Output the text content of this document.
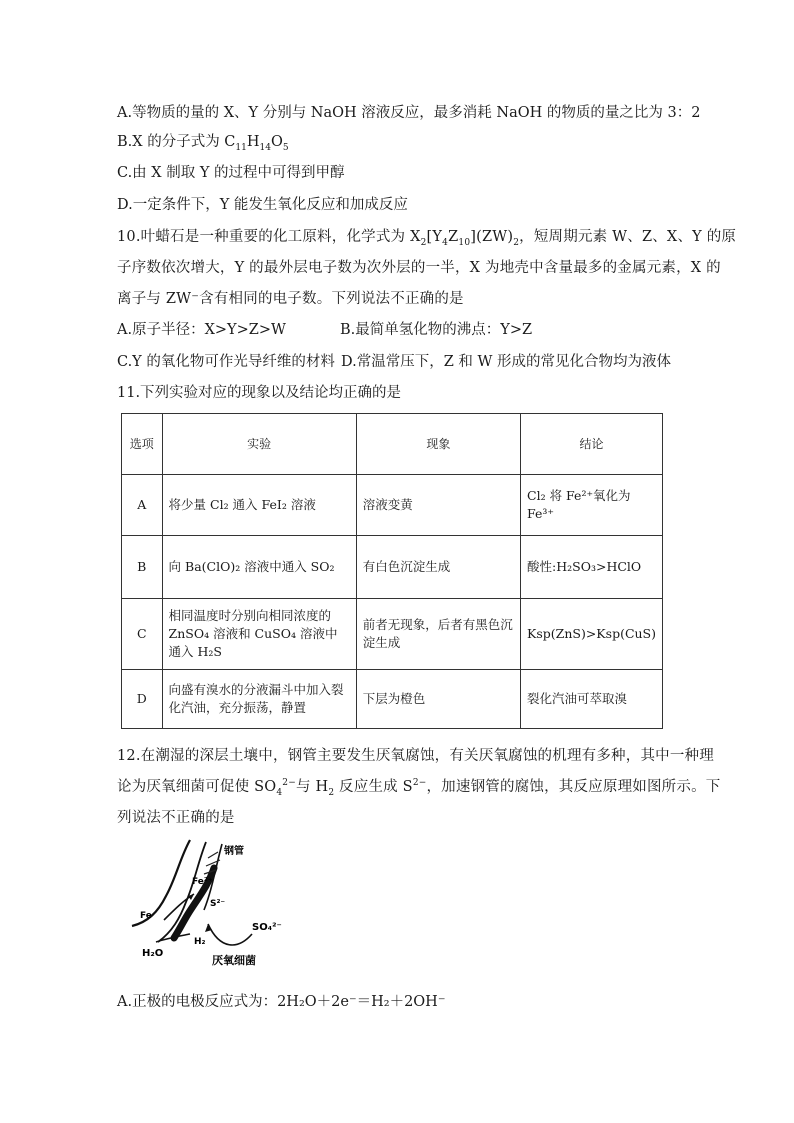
A.等物质的量的 X、Y 分别与 NaOH 溶液反应，最多消耗 NaOH 的物质的量之比为 3：2
B.X 的分子式为 $C_{11}H_{14}O_5$
C.由 X 制取 Y 的过程中可得到甲醇
D.一定条件下，Y 能发生氧化反应和加成反应
10.叶蜡石是一种重要的化工原料，化学式为 $X_2[Y_4Z_{10}](ZW)_2$，短周期元素 W、Z、X、Y 的原
子序数依次增大，Y 的最外层电子数为次外层的一半，X 为地壳中含量最多的金属元素，X 的
离子与 ZW⁻含有相同的电子数。下列说法不正确的是
A.原子半径：X>Y>Z>W	B.最简单氢化物的沸点：Y>Z
C.Y 的氧化物可作光导纤维的材料 D.常温常压下，Z 和 W 形成的常见化合物均为液体
11.下列实验对应的现象以及结论均正确的是
选项	实验	现象	结论
A	将少量 Cl₂ 通入 FeI₂ 溶液	溶液变黄	Cl₂ 将 Fe²⁺氧化为 Fe³⁺
B	向 Ba(ClO)₂ 溶液中通入 SO₂	有白色沉淀生成	酸性:H₂SO₃>HClO
C	相同温度时分别向相同浓度的 ZnSO₄ 溶液和 CuSO₄ 溶液中通入 H₂S	前者无现象，后者有黑色沉淀生成	Ksp(ZnS)>Ksp(CuS)
D	向盛有溴水的分液漏斗中加入裂化汽油，充分振荡，静置	下层为橙色	裂化汽油可萃取溴
12.在潮湿的深层土壤中，钢管主要发生厌氧腐蚀，有关厌氧腐蚀的机理有多种，其中一种理
论为厌氧细菌可促使 $SO_4^{2-}$与 $H_2$ 反应生成 $S^{2-}$，加速钢管的腐蚀，其反应原理如图所示。下
列说法不正确的是
钢管
Fe²⁺
S²⁻
Fe
H₂
SO₄²⁻
H₂O
厌氧细菌
A.正极的电极反应式为：2H₂O＋2e⁻＝H₂＋2OH⁻
